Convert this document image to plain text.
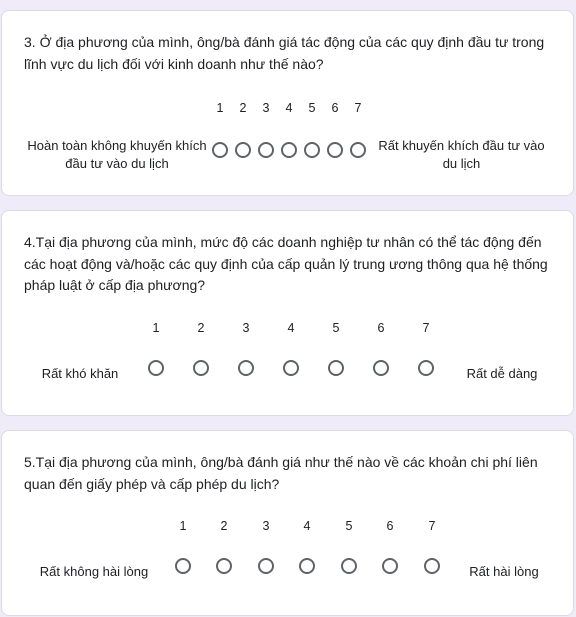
3. Ở địa phương của mình, ông/bà đánh giá tác động của các quy định đầu tư trong lĩnh vực du lịch đối với kinh doanh như thế nào?
1	2	3	4	5	6	7
Hoàn toàn không khuyến khích đầu tư vào du lịch
Rất khuyến khích đầu tư vào du lịch
4.Tại địa phương của mình, mức độ các doanh nghiệp tư nhân có thể tác động đến các hoạt động và/hoặc các quy định của cấp quản lý trung ương thông qua hệ thống pháp luật ở cấp địa phương?
1	2	3	4	5	6	7
Rất khó khăn	Rất dễ dàng
5.Tại địa phương của mình, ông/bà đánh giá như thế nào về các khoản chi phí liên quan đến giấy phép và cấp phép du lịch?
1	2	3	4	5	6	7
Rất không hài lòng	Rất hài lòng
